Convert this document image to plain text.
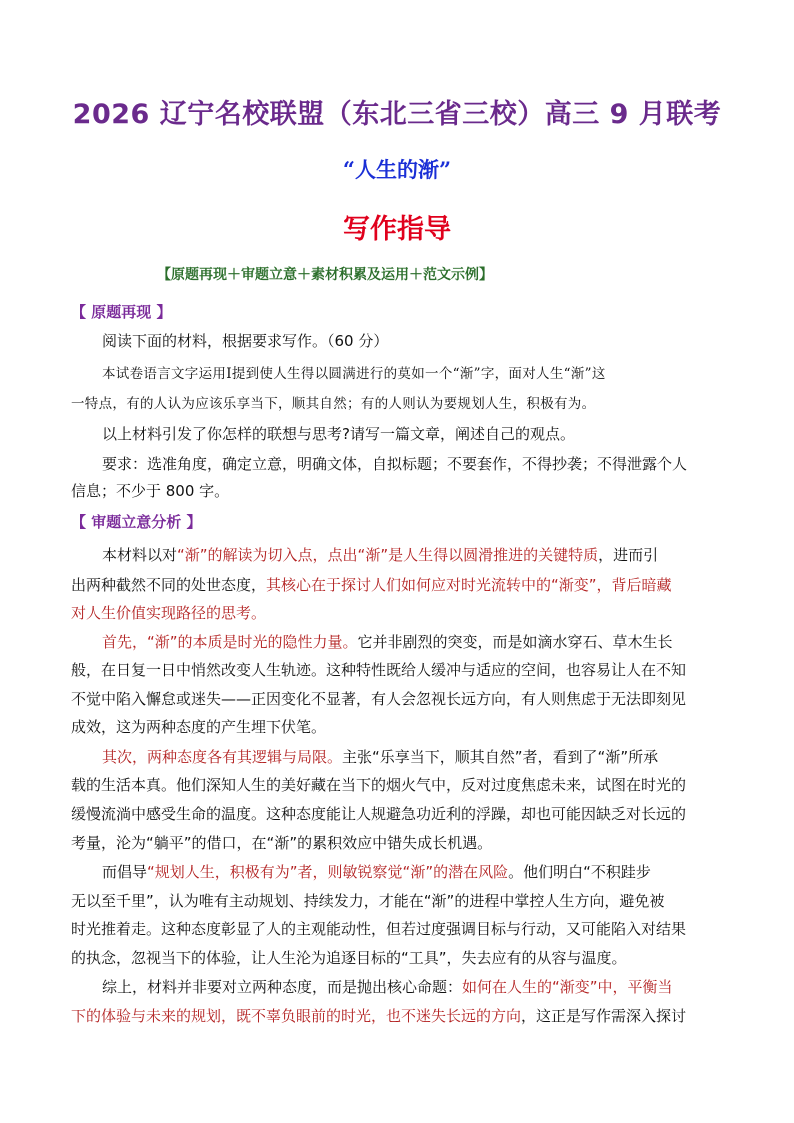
2026 辽宁名校联盟（东北三省三校）高三 9 月联考
“人生的渐”
写作指导
【原题再现＋审题立意＋素材积累及运用＋范文示例】
【 原题再现 】
阅读下面的材料，根据要求写作。（60 分）
本试卷语言文字运用Ⅰ提到使人生得以圆满进行的莫如一个“渐”字，面对人生“渐”这
一特点，有的人认为应该乐享当下，顺其自然；有的人则认为要规划人生，积极有为。
以上材料引发了你怎样的联想与思考?请写一篇文章，阐述自己的观点。
要求：选准角度，确定立意，明确文体，自拟标题；不要套作，不得抄袭；不得泄露个人
信息；不少于 800 字。
【 审题立意分析 】
本材料以对“渐”的解读为切入点，点出“渐”是人生得以圆滑推进的关键特质，进而引
出两种截然不同的处世态度，其核心在于探讨人们如何应对时光流转中的“渐变”，背后暗藏
对人生价值实现路径的思考。
首先，“渐”的本质是时光的隐性力量。它并非剧烈的突变，而是如滴水穿石、草木生长
般，在日复一日中悄然改变人生轨迹。这种特性既给人缓冲与适应的空间，也容易让人在不知
不觉中陷入懈怠或迷失——正因变化不显著，有人会忽视长远方向，有人则焦虑于无法即刻见
成效，这为两种态度的产生埋下伏笔。
其次，两种态度各有其逻辑与局限。主张“乐享当下，顺其自然”者，看到了“渐”所承
载的生活本真。他们深知人生的美好藏在当下的烟火气中，反对过度焦虑未来，试图在时光的
缓慢流淌中感受生命的温度。这种态度能让人规避急功近利的浮躁，却也可能因缺乏对长远的
考量，沦为“躺平”的借口，在“渐”的累积效应中错失成长机遇。
而倡导“规划人生，积极有为”者，则敏锐察觉“渐”的潜在风险。他们明白“不积跬步
无以至千里”，认为唯有主动规划、持续发力，才能在“渐”的进程中掌控人生方向，避免被
时光推着走。这种态度彰显了人的主观能动性，但若过度强调目标与行动，又可能陷入对结果
的执念，忽视当下的体验，让人生沦为追逐目标的“工具”，失去应有的从容与温度。
综上，材料并非要对立两种态度，而是抛出核心命题：如何在人生的“渐变”中，平衡当
下的体验与未来的规划，既不辜负眼前的时光，也不迷失长远的方向，这正是写作需深入探讨
